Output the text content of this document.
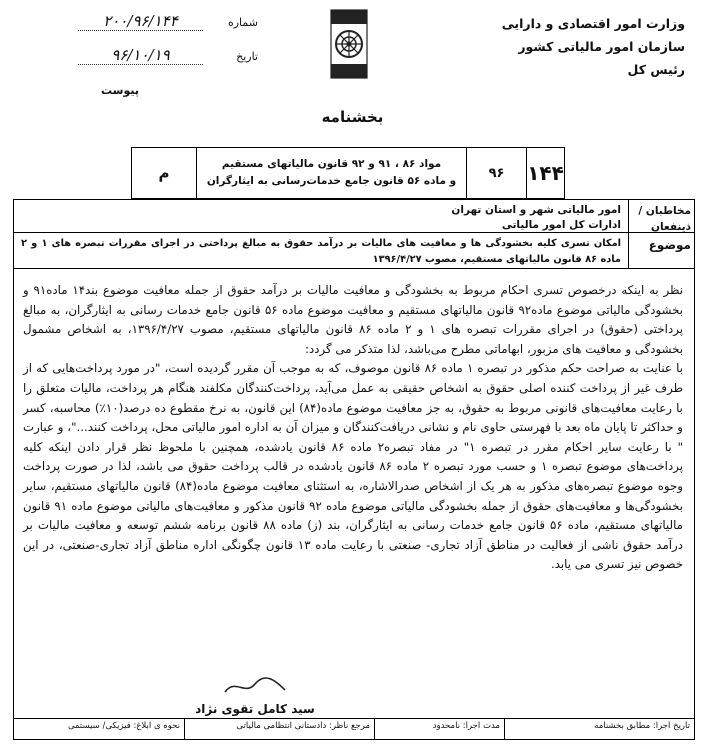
وزارت امور اقتصادی و دارایی
سازمان امور مالیاتی کشور
رئیس کل
شماره
۲۰۰/۹۶/۱۴۴
تاریخ
۹۶/۱۰/۱۹
پیوست
بخشنامه
۱۴۴
۹۶
مواد ۸۶ ، ۹۱ و ۹۲ قانون مالیاتهای مستقیم
و ماده ۵۶ قانون جامع خدمات‌رسانی به ایثارگران
م
مخاطبان / ذینفعان
امور مالیاتی شهر و استان تهران
ادارات کل امور مالیاتی
موضوع
امکان تسری کلیه بخشودگی ها و معافیت های مالیات بر درآمد حقوق به مبالغ پرداختی در اجرای مقررات تبصره های ۱ و ۲ ماده ۸۶ قانون مالیاتهای مستقیم، مصوب ۱۳۹۶/۴/۲۷

نظر به اینکه درخصوص تسری احکام مربوط به بخشودگی و معافیت مالیات بر درآمد حقوق از جمله معافیت موضوع بند۱۴ ماده۹۱ و بخشودگی مالیاتی موضوع ماده۹۲ قانون مالیاتهای مستقیم و معافیت موضوع ماده ۵۶ قانون جامع خدمات رسانی به ایثارگران، به مبالغ پرداختی (حقوق) در اجرای مقررات تبصره های ۱ و ۲ ماده ۸۶ قانون مالیاتهای مستقیم، مصوب ۱۳۹۶/۴/۲۷، به اشخاص مشمول بخشودگی و معافیت های مزبور، ابهاماتی مطرح می‌باشد، لذا متذکر می گردد:

با عنایت به صراحت حکم مذکور در تبصره ۱ ماده ۸۶ قانون موصوف، که به موجب آن مقرر گردیده است، "در مورد پرداخت‌هایی که از طرف غیر از پرداخت کننده اصلی حقوق به اشخاص حقیقی به عمل می‌آید، پرداخت‌کنندگان مکلفند هنگام هر پرداخت، مالیات متعلق را با رعایت معافیت‌های قانونی مربوط به حقوق، به جز معافیت موضوع ماده(۸۴) این قانون، به نرخ مقطوع ده درصد(۱۰٪) محاسبه، کسر و حداکثر تا پایان ماه بعد با فهرستی حاوی نام و نشانی دریافت‌کنندگان و میزان آن به اداره امور مالیاتی محل، پرداخت کنند..."، و عبارت " با رعایت سایر احکام مقرر در تبصره ۱" در مفاد تبصره۲ ماده ۸۶ قانون یادشده، همچنین با ملحوظ نظر قرار دادن اینکه کلیه پرداخت‌های موضوع تبصره ۱ و حسب مورد تبصره ۲ ماده ۸۶ قانون یادشده در قالب پرداخت حقوق می باشد، لذا در صورت پرداخت وجوه موضوع تبصره‌های مذکور به هر یک از اشخاص صدرالاشاره، به استثنای معافیت موضوع ماده(۸۴) قانون مالیاتهای مستقیم، سایر بخشودگی‌ها و معافیت‌های حقوق از جمله بخشودگی مالیاتی موضوع ماده ۹۲ قانون مذکور و معافیت‌های مالیاتی موضوع ماده ۹۱ قانون مالیاتهای مستقیم، ماده ۵۶ قانون جامع خدمات رسانی به ایثارگران، بند (ز) ماده ۸۸ قانون برنامه ششم توسعه و معافیت مالیات بر درآمد حقوق ناشی از فعالیت در مناطق آزاد تجاری- صنعتی با رعایت ماده ۱۳ قانون چگونگی اداره مناطق آزاد تجاری-صنعتی، در این خصوص نیز تسری می یابد.

سید کامل تقوی نژاد
تاریخ اجرا: مطابق بخشنامه
مدت اجرا: نامحدود
مرجع ناظر: دادستانی انتظامی مالیاتی
نحوه ی ابلاغ: فیزیکی/ سیستمی
